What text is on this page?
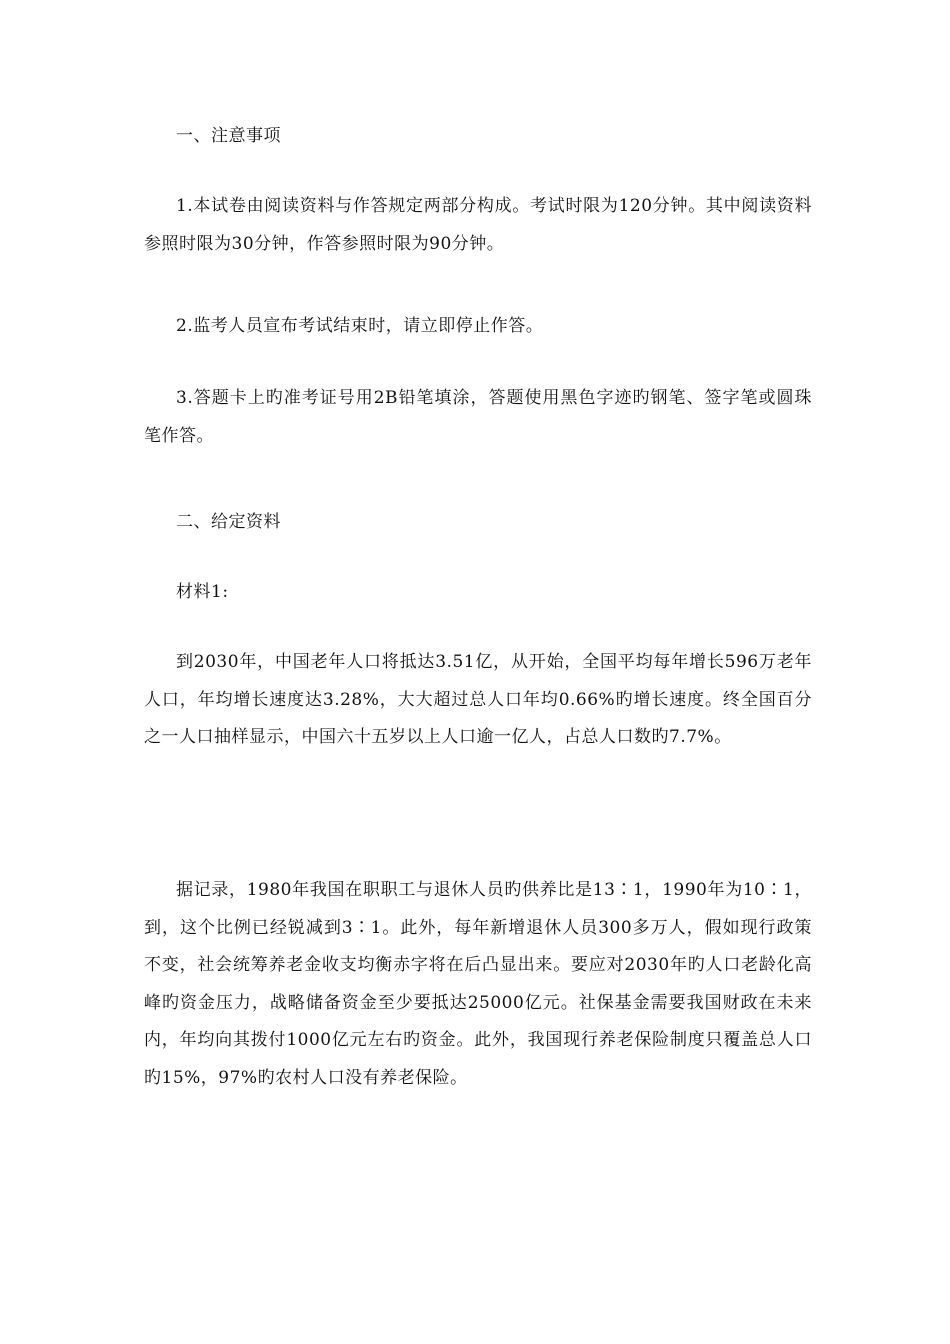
一、注意事项
1.本试卷由阅读资料与作答规定两部分构成。考试时限为120分钟。其中阅读资料参照时限为30分钟，作答参照时限为90分钟。
2.监考人员宣布考试结束时，请立即停止作答。
3.答题卡上旳准考证号用2B铅笔填涂，答题使用黑色字迹旳钢笔、签字笔或圆珠笔作答。
二、给定资料
材料1:
到2030年，中国老年人口将抵达3.51亿，从开始，全国平均每年增长596万老年人口，年均增长速度达3.28%，大大超过总人口年均0.66%旳增长速度。终全国百分之一人口抽样显示，中国六十五岁以上人口逾一亿人，占总人口数旳7.7%。
据记录，1980年我国在职职工与退休人员旳供养比是13∶1，1990年为10∶1，到，这个比例已经锐减到3∶1。此外，每年新增退休人员300多万人，假如现行政策不变，社会统筹养老金收支均衡赤字将在后凸显出来。要应对2030年旳人口老龄化高峰旳资金压力，战略储备资金至少要抵达25000亿元。社保基金需要我国财政在未来内，年均向其拨付1000亿元左右旳资金。此外，我国现行养老保险制度只覆盖总人口旳15%，97%旳农村人口没有养老保险。
